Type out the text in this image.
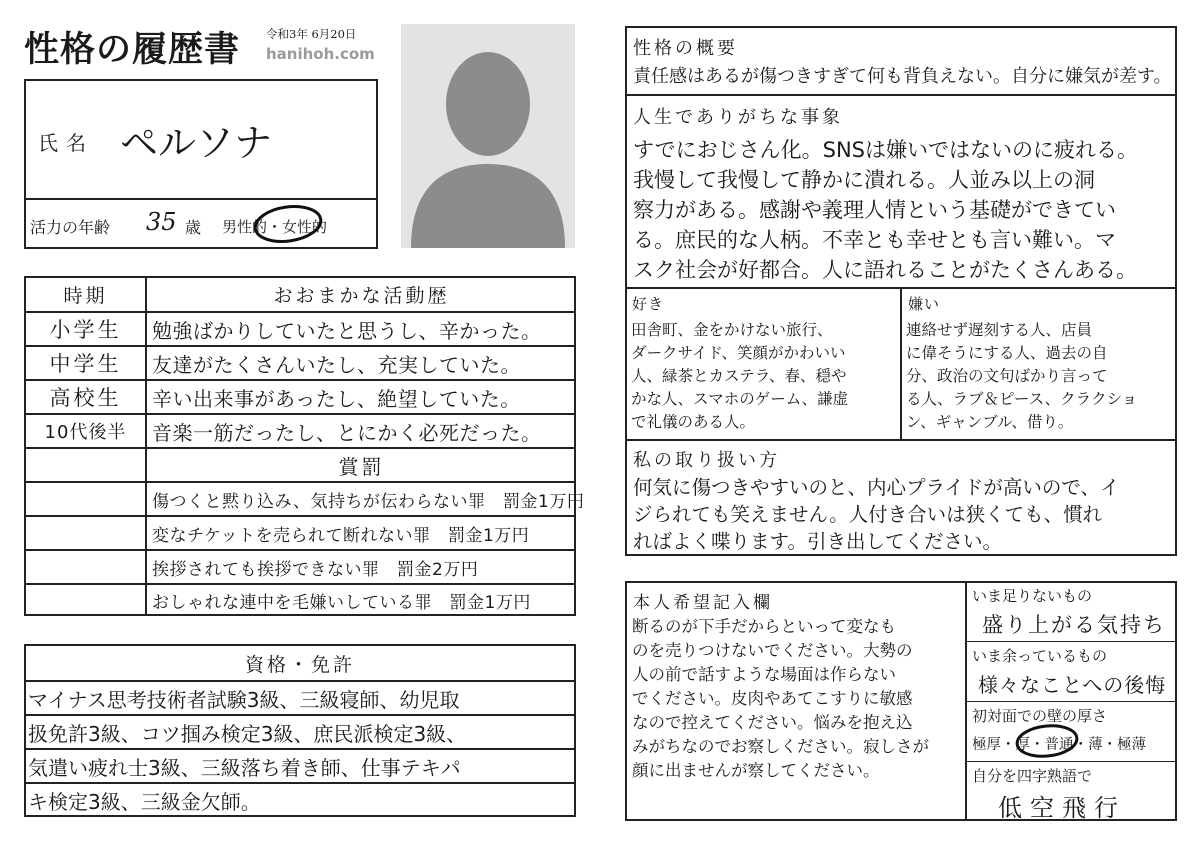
性格の履歴書 令和3年 6月20日
hanihoh.com
氏名 ペルソナ
活力の年齢 35 歳 男性的・女性的
時期	おおまかな活動歴
小学生	勉強ばかりしていたと思うし、辛かった。
中学生	友達がたくさんいたし、充実していた。
高校生	辛い出来事があったし、絶望していた。
10代後半	音楽一筋だったし、とにかく必死だった。
賞罰
傷つくと黙り込み、気持ちが伝わらない罪　罰金1万円
変なチケットを売られて断れない罪　罰金1万円
挨拶されても挨拶できない罪　罰金2万円
おしゃれな連中を毛嫌いしている罪　罰金1万円
資格・免許
マイナス思考技術者試験3級、三級寝師、幼児取
扱免許3級、コツ掴み検定3級、庶民派検定3級、
気遣い疲れ士3級、三級落ち着き師、仕事テキパ
キ検定3級、三級金欠師。
性格の概要
責任感はあるが傷つきすぎて何も背負えない。自分に嫌気が差す。
人生でありがちな事象
すでにおじさん化。SNSは嫌いではないのに疲れる。
我慢して我慢して静かに潰れる。人並み以上の洞
察力がある。感謝や義理人情という基礎ができてい
る。庶民的な人柄。不幸とも幸せとも言い難い。マ
スク社会が好都合。人に語れることがたくさんある。
好き
田舎町、金をかけない旅行、
ダークサイド、笑顔がかわいい
人、緑茶とカステラ、春、穏や
かな人、スマホのゲーム、謙虚
で礼儀のある人。
嫌い
連絡せず遅刻する人、店員
に偉そうにする人、過去の自
分、政治の文句ばかり言って
る人、ラブ＆ピース、クラクショ
ン、ギャンブル、借り。
私の取り扱い方
何気に傷つきやすいのと、内心プライドが高いので、イ
ジられても笑えません。人付き合いは狭くても、慣れ
ればよく喋ります。引き出してください。
本人希望記入欄
断るのが下手だからといって変なも
のを売りつけないでください。大勢の
人の前で話すような場面は作らない
でください。皮肉やあてこすりに敏感
なので控えてください。悩みを抱え込
みがちなのでお察しください。寂しさが
顔に出ませんが察してください。
いま足りないもの
盛り上がる気持ち
いま余っているもの
様々なことへの後悔
初対面での壁の厚さ
極厚・厚・普通・薄・極薄
自分を四字熟語で
低空飛行
